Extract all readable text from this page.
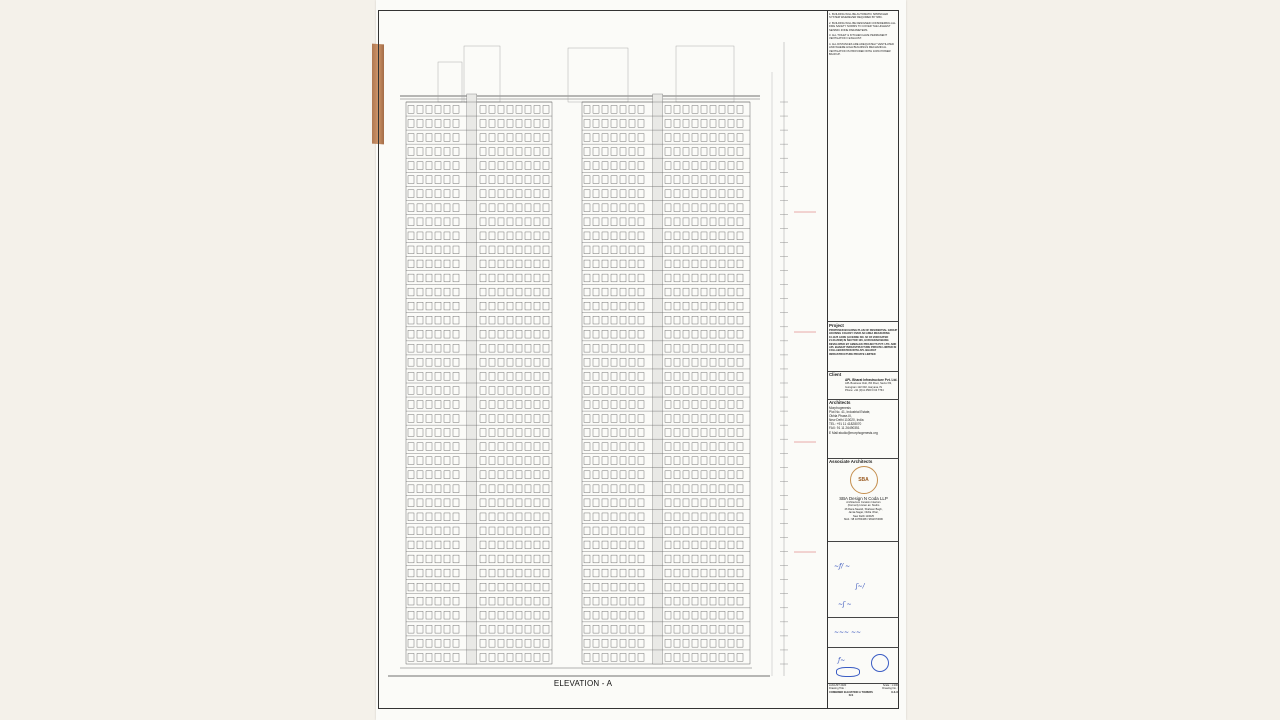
ELEVATION - A
1. BUILDING WILL BE AUTOMATIC SPRINKLER SYSTEM WHEREVER REQUIRED BY NBC.
2. BUILDING WILL BE DESIGNED CONSIDERING ALL FIRE SAFETY NORMS TO COVER THE HIGHEST SEISMIC ZONE PARAMETERS.
3. ALL TOILET & KITCHEN HAVE PERMANENT VENTILATION / EXHAUST.
4. ALL DISTANCES ARE ADEQUATELY VENTILATED AND WHERE HIGH BUILDINGS MECHANICAL VENTILATION IS PROVIDED WITH 100% POWER BACKUP.
Project
PROPOSED BUILDING PLAN OF RESIDENTIAL GROUP HOUSING COLONY OVER AN AREA MEASURING 10.1125 ACRE (LICENSE NO. 62 OF 2008 DATED 21.03.2008) IN SECTOR 106, GURUGRAM BEING DEVELOPED BY AMBALEK PROJECTS PVT. LTD. AND APL BHARAT INFRASTRUCTURE PRIVATE LIMITED IN COLLABORATION WITH APL BHARAT INFRASTRUCTURE PRIVATE LIMITED
Client
APL Bharat Infrastructure Pvt. Ltd.
APL Business Club, 8th Floor, Sector 82,
Gurugram 122 002, Haryana, IN
Phone: +91 (0)11 4560 0 04 7764
Architects
Morphogenesis
Plot No. 41, Industrial Estate,
Okhla Phase-III,
New Delhi 110020, India
TEL: +91 11 41828070
FAX: 91 11 26490351
E Mail:studio@morphogenesis.org
Associate Architects
SBA
SBA Design N Coda LLP
Architecture Curation Interiors
(Formerly known as: Studio
46 Rana Nawab, Shaheen Bagh,
Jamia Nagar, Okhla Vihar,
New Delhi 110025
Mob.: 98 10784468 / 9811673096
~ƒ/ ~
ʃ~/
~ʃ ~
~~~ ~~
ƒ~
AUGUST 2020	Scale : 1:200
Drawing Title :	Drawing No. :
COMBINED ELEVATION A TOWERS N-S
X-X-X
